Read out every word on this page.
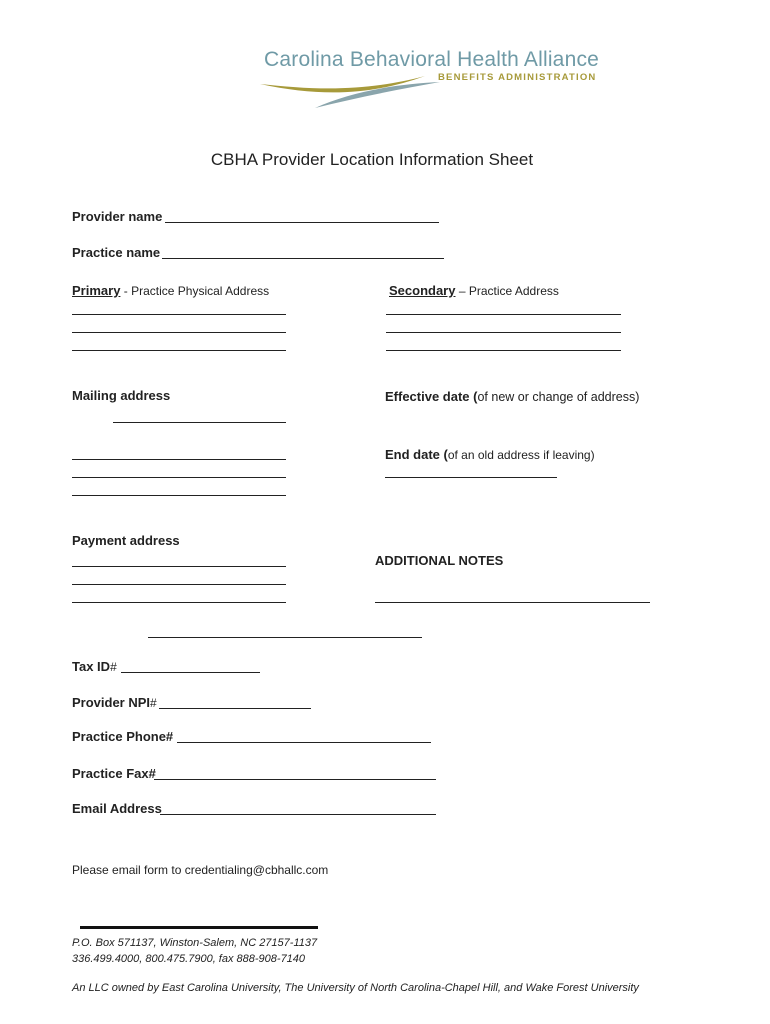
Carolina Behavioral Health Alliance
BENEFITS ADMINISTRATION
CBHA Provider Location Information Sheet
Provider name
Practice name
Primary - Practice Physical Address	Secondary – Practice Address
Mailing address	Effective date (of new or change of address)
End date (of an old address if leaving)
Payment address
ADDITIONAL NOTES
Tax ID#
Provider NPI#
Practice Phone#
Practice Fax#
Email Address
Please email form to credentialing@cbhallc.com
P.O. Box 571137, Winston-Salem, NC 27157-1137
336.499.4000, 800.475.7900, fax 888-908-7140
An LLC owned by East Carolina University, The University of North Carolina-Chapel Hill, and Wake Forest University
